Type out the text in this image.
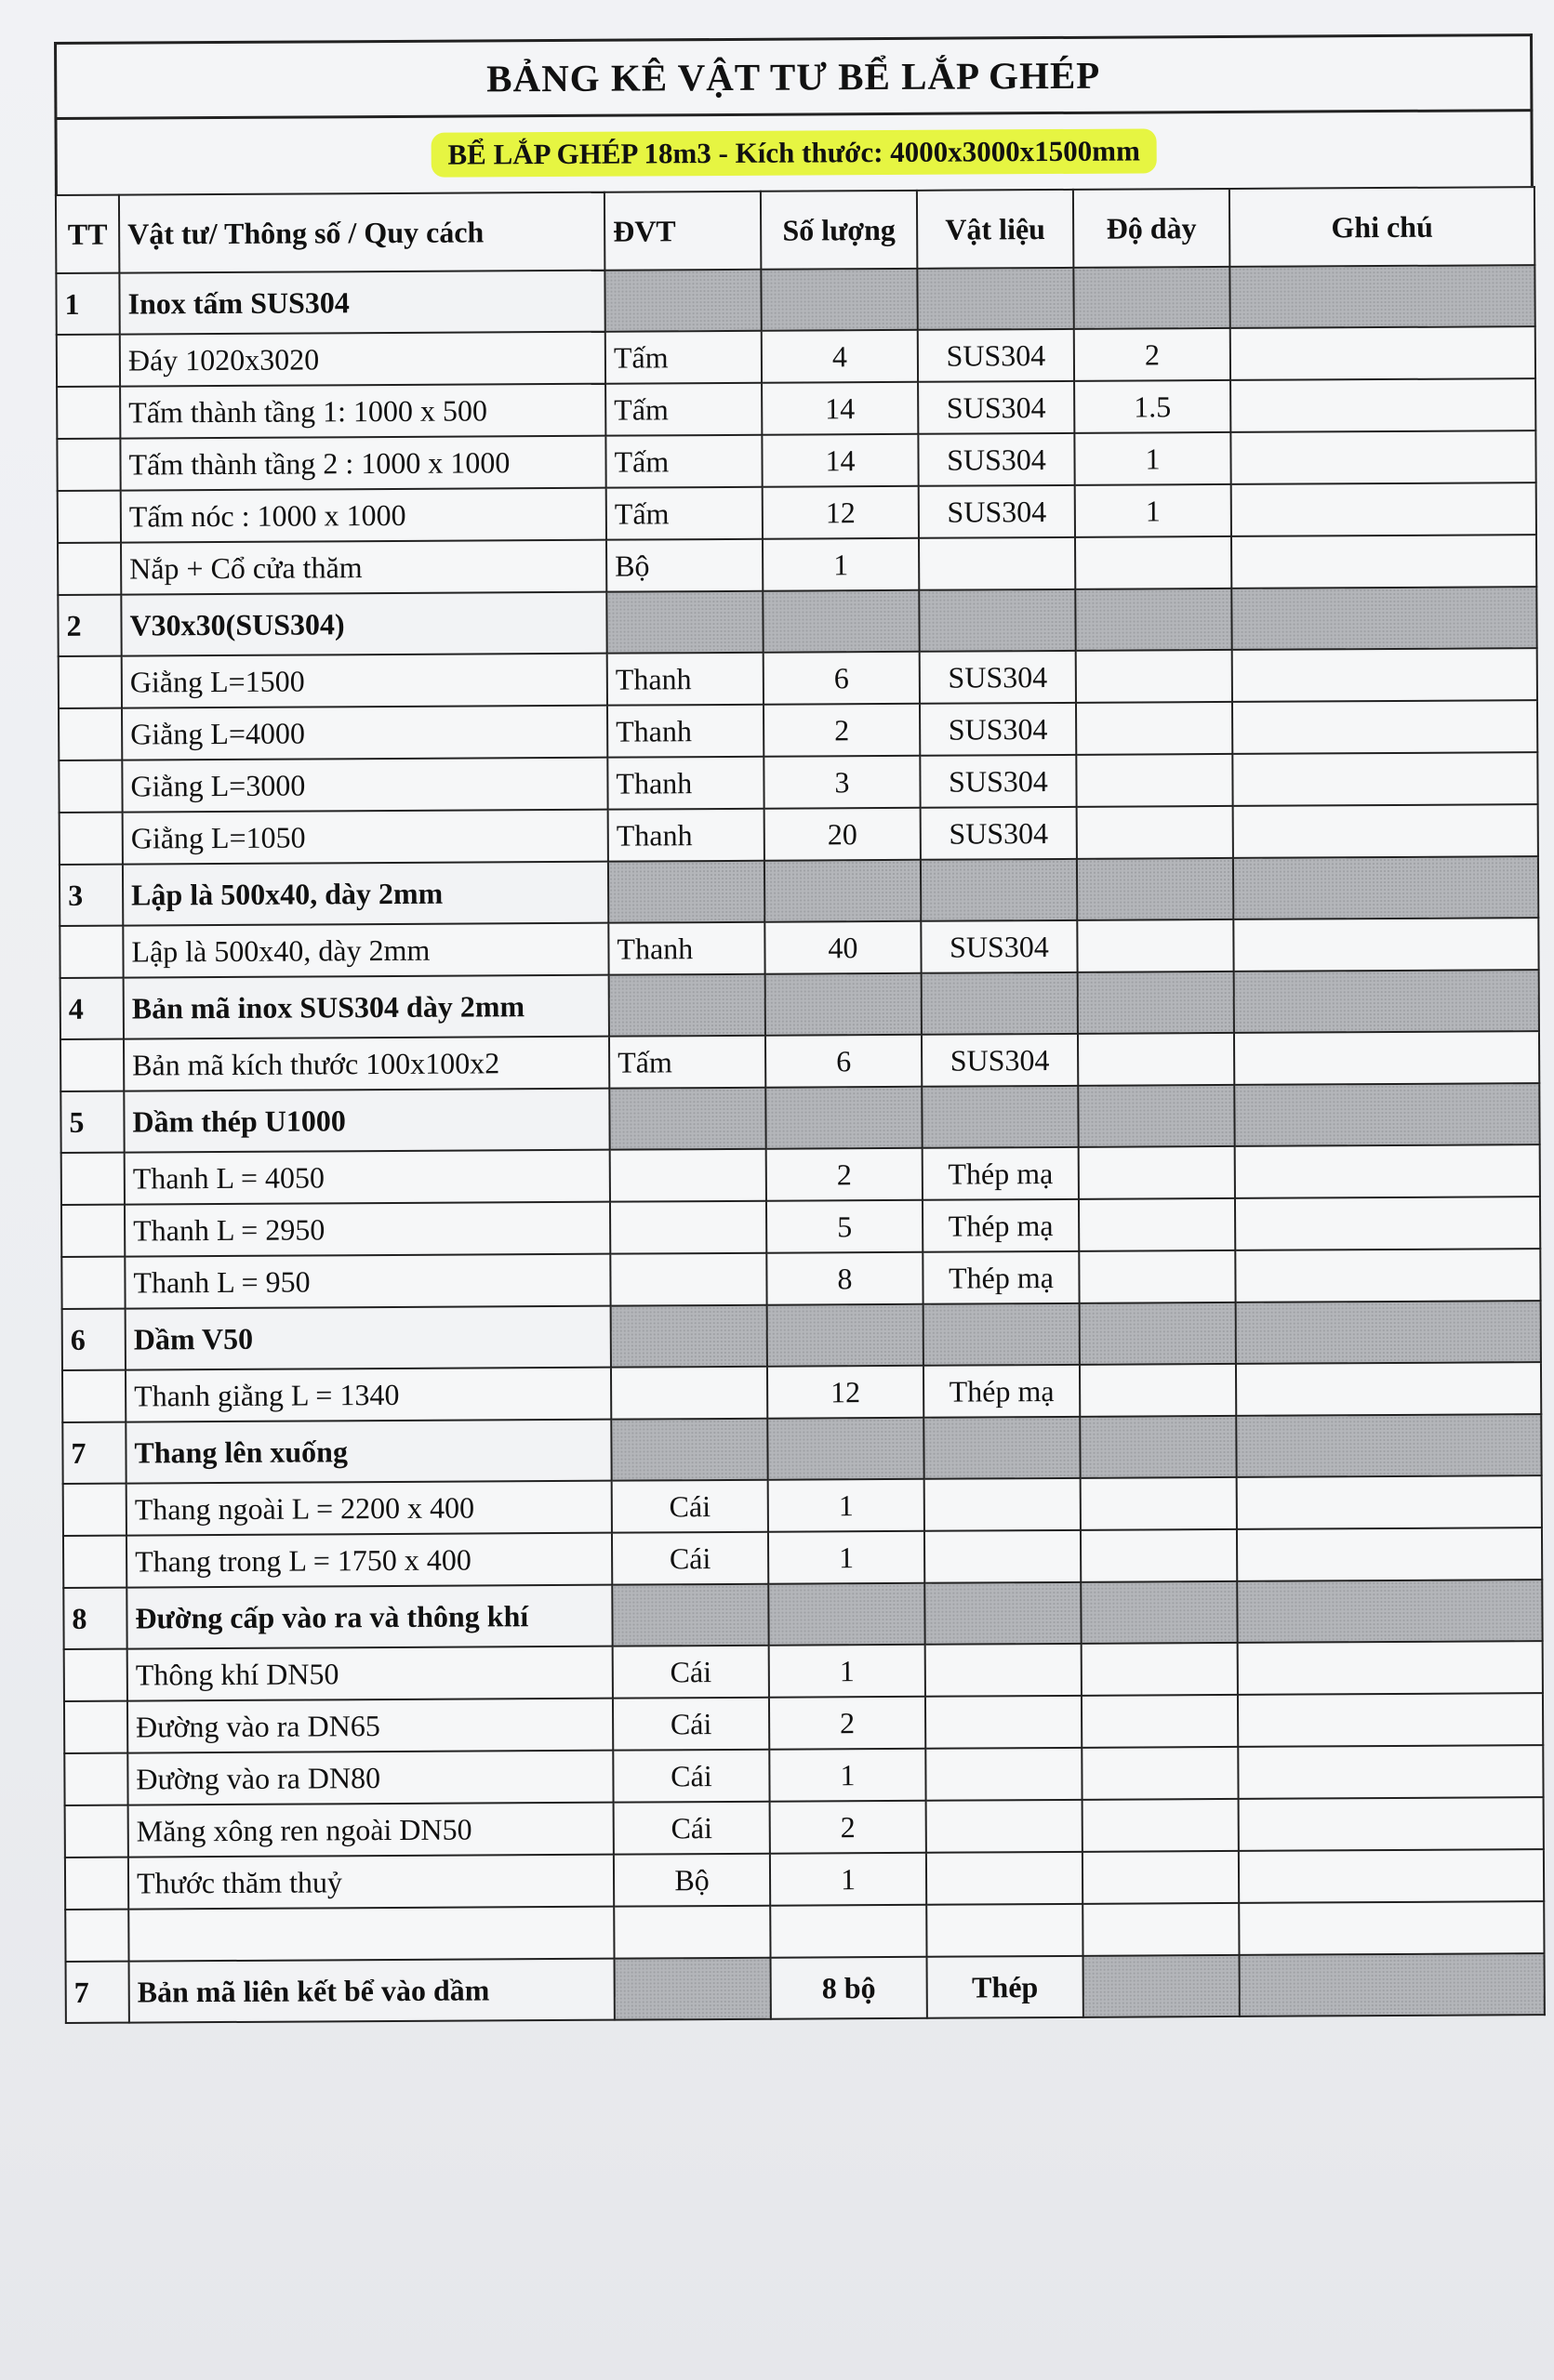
BẢNG KÊ VẬT TƯ BỂ LẮP GHÉP
BỂ LẮP GHÉP 18m3 - Kích thước: 4000x3000x1500mm
TT	Vật tư/ Thông số / Quy cách	ĐVT	Số lượng	Vật liệu	Độ dày	Ghi chú
1	Inox tấm SUS304					
	Đáy 1020x3020	Tấm	4	SUS304	2	
	Tấm thành tầng 1: 1000 x 500	Tấm	14	SUS304	1.5	
	Tấm thành tầng 2 : 1000 x 1000	Tấm	14	SUS304	1	
	Tấm nóc : 1000 x 1000	Tấm	12	SUS304	1	
	Nắp + Cổ cửa thăm	Bộ	1			
2	V30x30(SUS304)					
	Giằng L=1500	Thanh	6	SUS304		
	Giằng L=4000	Thanh	2	SUS304		
	Giằng L=3000	Thanh	3	SUS304		
	Giằng L=1050	Thanh	20	SUS304		
3	Lập là 500x40, dày 2mm					
	Lập là 500x40, dày 2mm	Thanh	40	SUS304		
4	Bản mã inox SUS304 dày 2mm					
	Bản mã kích thước 100x100x2	Tấm	6	SUS304		
5	Dầm thép U1000					
	Thanh L = 4050		2	Thép mạ		
	Thanh L = 2950		5	Thép mạ		
	Thanh L = 950		8	Thép mạ		
6	Dầm V50					
	Thanh giằng L = 1340		12	Thép mạ		
7	Thang lên xuống					
	Thang ngoài L = 2200 x 400	Cái	1			
	Thang trong L = 1750 x 400	Cái	1			
8	Đường cấp vào ra và thông khí					
	Thông khí DN50	Cái	1			
	Đường vào ra DN65	Cái	2			
	Đường vào ra DN80	Cái	1			
	Măng xông ren ngoài DN50	Cái	2			
	Thước thăm thuỷ	Bộ	1			

7	Bản mã liên kết bể vào dầm		8 bộ	Thép		
